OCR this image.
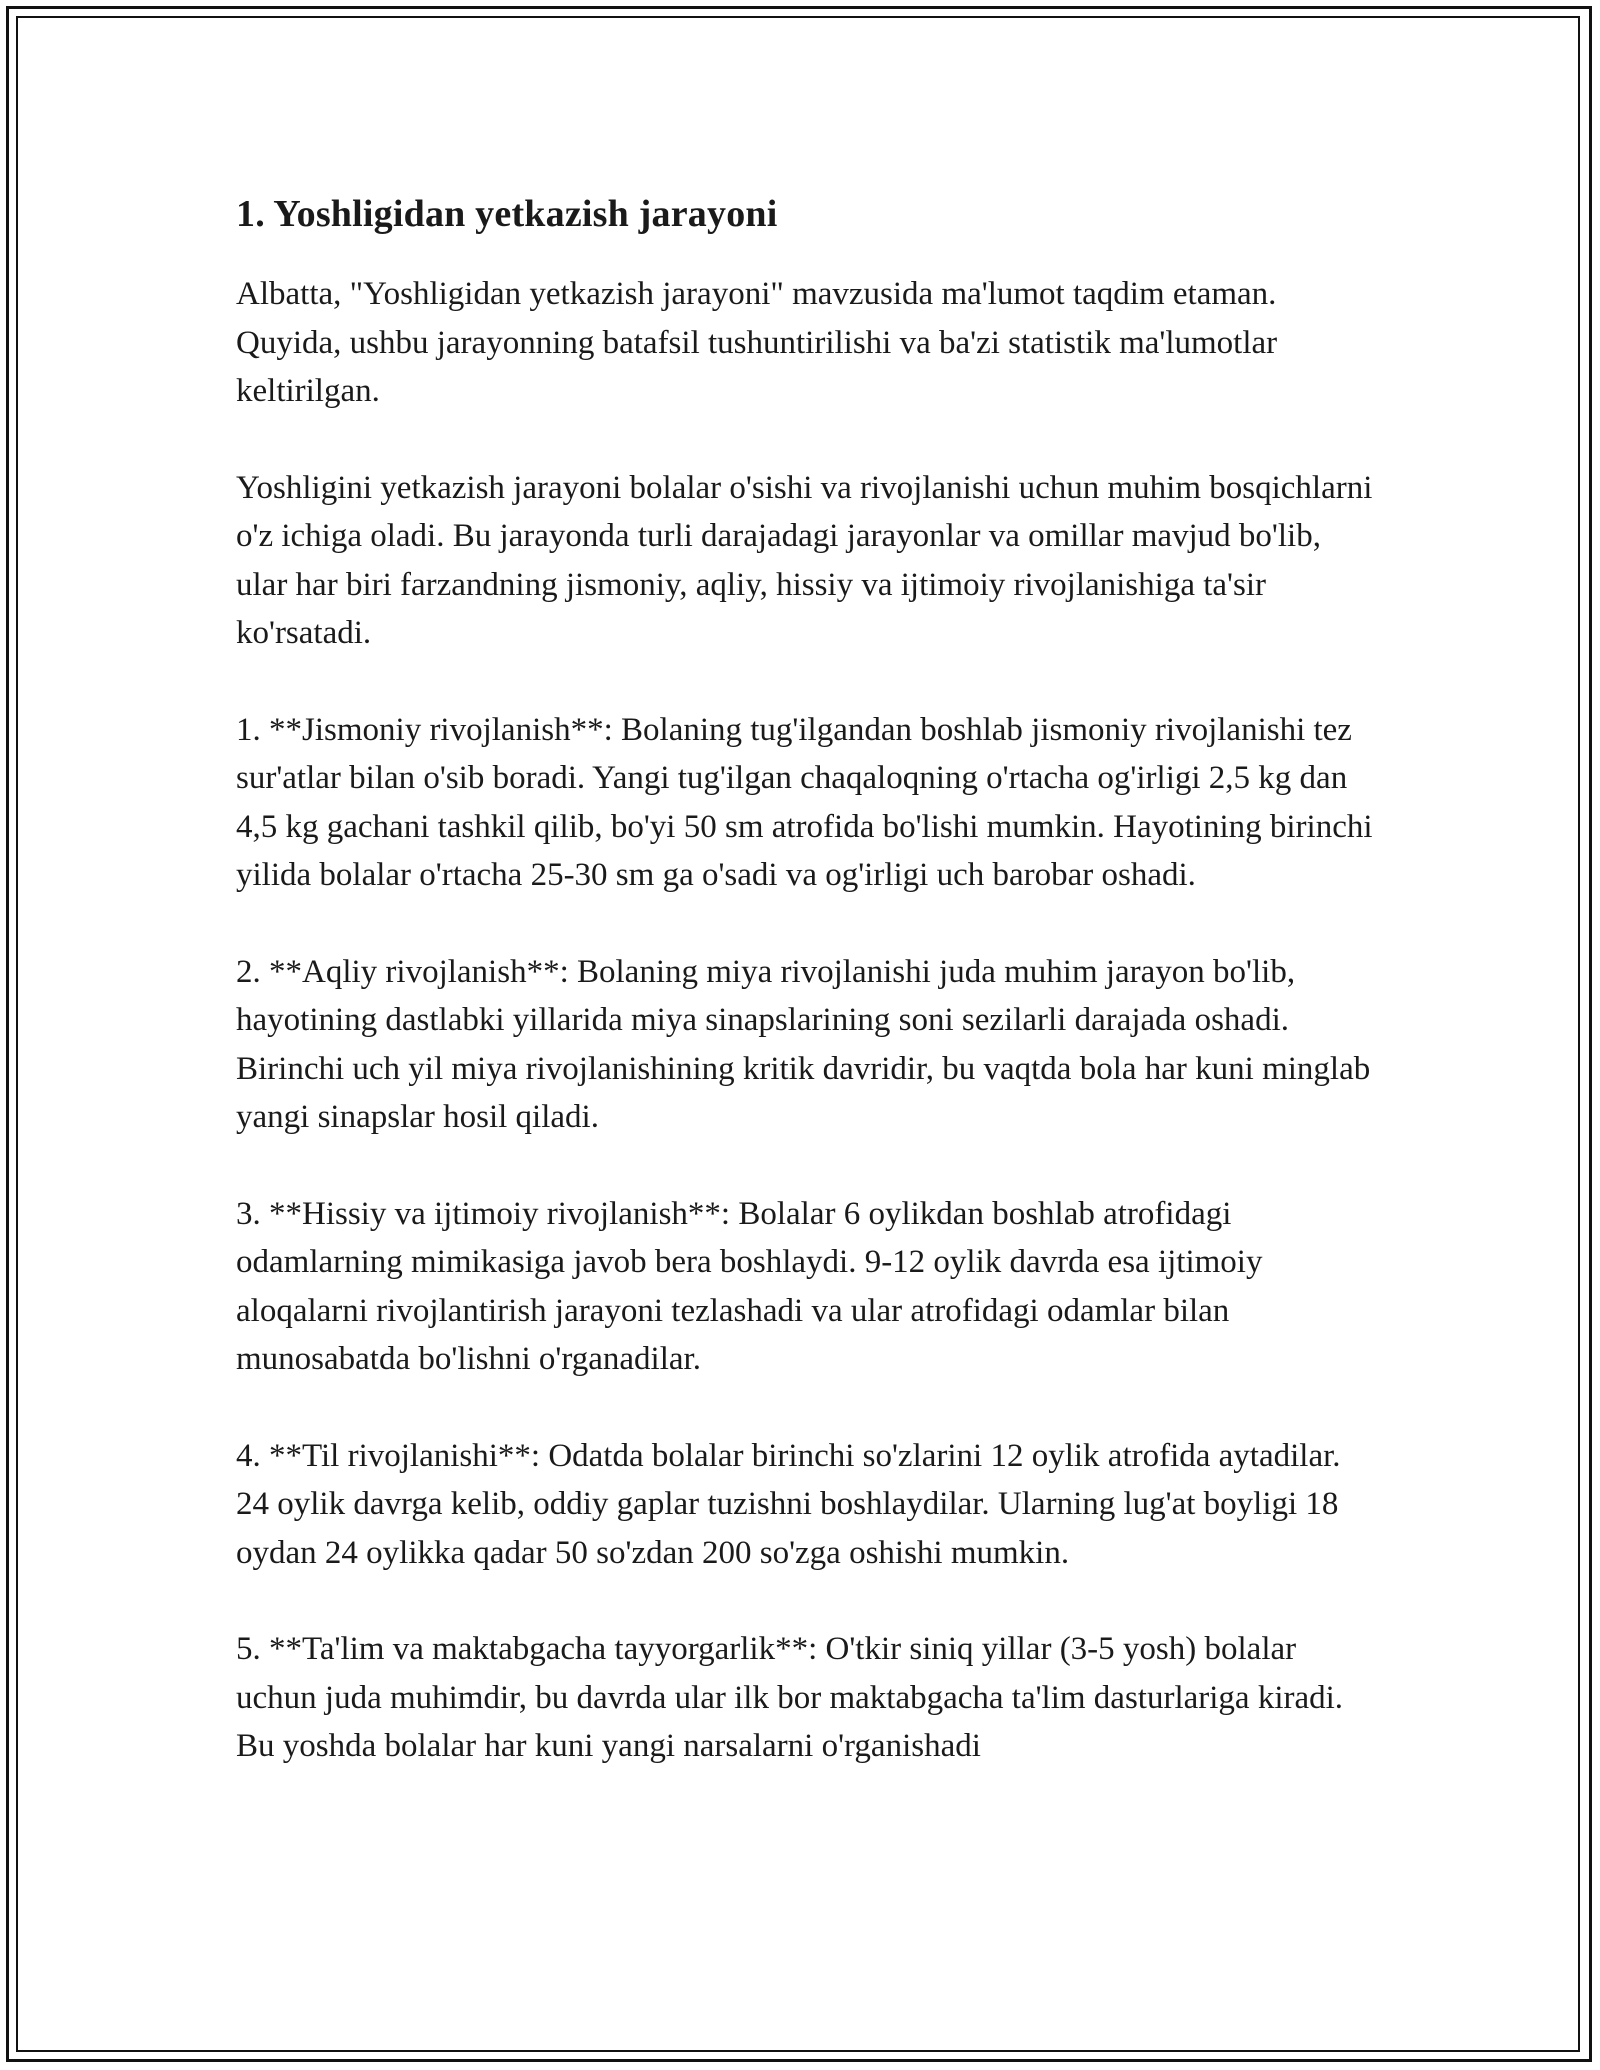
1. Yoshligidan yetkazish jarayoni

Albatta, "Yoshligidan yetkazish jarayoni" mavzusida ma'lumot taqdim etaman. Quyida, ushbu jarayonning batafsil tushuntirilishi va ba'zi statistik ma'lumotlar keltirilgan.

Yoshligini yetkazish jarayoni bolalar o'sishi va rivojlanishi uchun muhim bosqichlarni o'z ichiga oladi. Bu jarayonda turli darajadagi jarayonlar va omillar mavjud bo'lib, ular har biri farzandning jismoniy, aqliy, hissiy va ijtimoiy rivojlanishiga ta'sir ko'rsatadi.

1. **Jismoniy rivojlanish**: Bolaning tug'ilgandan boshlab jismoniy rivojlanishi tez sur'atlar bilan o'sib boradi. Yangi tug'ilgan chaqaloqning o'rtacha og'irligi 2,5 kg dan 4,5 kg gachani tashkil qilib, bo'yi 50 sm atrofida bo'lishi mumkin. Hayotining birinchi yilida bolalar o'rtacha 25-30 sm ga o'sadi va og'irligi uch barobar oshadi.

2. **Aqliy rivojlanish**: Bolaning miya rivojlanishi juda muhim jarayon bo'lib, hayotining dastlabki yillarida miya sinapslarining soni sezilarli darajada oshadi. Birinchi uch yil miya rivojlanishining kritik davridir, bu vaqtda bola har kuni minglab yangi sinapslar hosil qiladi.

3. **Hissiy va ijtimoiy rivojlanish**: Bolalar 6 oylikdan boshlab atrofidagi odamlarning mimikasiga javob bera boshlaydi. 9-12 oylik davrda esa ijtimoiy aloqalarni rivojlantirish jarayoni tezlashadi va ular atrofidagi odamlar bilan munosabatda bo'lishni o'rganadilar.

4. **Til rivojlanishi**: Odatda bolalar birinchi so'zlarini 12 oylik atrofida aytadilar. 24 oylik davrga kelib, oddiy gaplar tuzishni boshlaydilar. Ularning lug'at boyligi 18 oydan 24 oylikka qadar 50 so'zdan 200 so'zga oshishi mumkin.

5. **Ta'lim va maktabgacha tayyorgarlik**: O'tkir siniq yillar (3-5 yosh) bolalar uchun juda muhimdir, bu davrda ular ilk bor maktabgacha ta'lim dasturlariga kiradi. Bu yoshda bolalar har kuni yangi narsalarni o'rganishadi
